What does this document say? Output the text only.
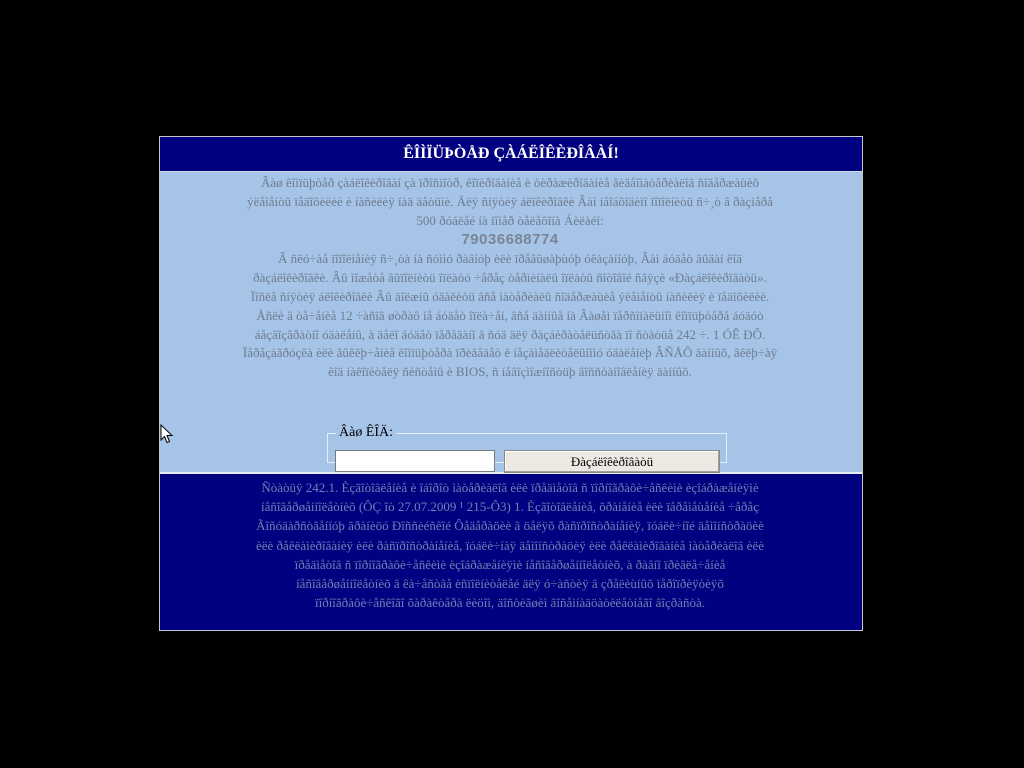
ÊÎÌÏÜÞÒÅÐ ÇÀÁËÎÊÈÐÎÂÀÍ!

Âàø êîìïüþòåð çàáëîêèðîâàí çà ïðîñìîòð, êîïèðîâàíèå è òèðàæèðîâàíèå âèäåîìàòåðèàëîâ ñîäåðæàùèõ ýëåìåíòû ïåäîôèëèè è íàñèëèÿ íàä äåòüìè. Äëÿ ñíÿòèÿ áëîêèðîâêè Âàì íåîáõîäèìî ïîïîëíèòü ñ÷¸ò â ðàçìåðå 500 ðóáëåé íà íîìåð òåëåôîíà Áèëàéí:

79036688774

Â ñëó÷àå ïîïîëíåíèÿ ñ÷¸òà íà ñóììó ðàâíóþ èëè ïðåâûøàþùóþ óêàçàííóþ, Âàì áóäåò âûäàí êîä ðàçáëîêèðîâêè. Âû ìîæåòå âûïîëíèòü îïëàòó ÷åðåç òåðìèíàëû îïëàòû ñîòîâîé ñâÿçè «Ðàçáëîêèðîâàòü». Ïîñëå ñíÿòèÿ áëîêèðîâêè Âû äîëæíû óäàëèòü âñå ìàòåðèàëû ñîäåðæàùèå ýëåìåíòû íàñèëèÿ è ïåäîôèëèè. Åñëè â òå÷åíèå 12 ÷àñîâ øòðàô íå áóäåò îïëà÷åí, âñå äàííûå íà Âàøåì ïåðñîíàëüíîì êîìïüþòåðå áóäóò áåçâîçâðàòíî óäàëåíû, à äåëî áóäåò ïåðåäàíî â ñóä äëÿ ðàçáèðàòåëüñòâà ïî ñòàòüå 242 ÷. 1 ÓÊ ÐÔ. Ïåðåçàãðóçêà èëè âûêëþ÷åíèå êîìïüþòåðà ïðèâåäåò ê íåçàìåäëèòåëüíîìó óäàëåíèþ ÂÑÅÕ äàííûõ, âêëþ÷àÿ êîä íàêîïèòåëÿ ñèñòåìû è BIOS, ñ íåâîçìîæíîñòüþ âîññòàíîâëåíèÿ äàííûõ.

Âàø ÊÎÄ:
Ðàçáëîêèðîâàòü

Ñòàòüÿ 242.1. Èçãîòîâëåíèå è îáîðîò ìàòåðèàëîâ èëè ïðåäìåòîâ ñ ïîðíîãðàôè÷åñêèìè èçîáðàæåíèÿìè íåñîâåðøåííîëåòíèõ (ÔÇ îò 27.07.2009 ¹ 215-Ô3) 1. Èçãîòîâëåíèå, õðàíåíèå èëè ïåðåìåùåíèå ÷åðåç Ãîñóäàðñòâåííóþ ãðàíèöó Ðîññèéñêîé Ôåäåðàöèè â öåëÿõ ðàñïðîñòðàíåíèÿ, ïóáëè÷íîé äåìîíñòðàöèè èëè ðåêëàìèðîâàíèÿ èëè ðàñïðîñòðàíåíèå, ïóáëè÷íàÿ äåìîíñòðàöèÿ èëè ðåêëàìèðîâàíèå ìàòåðèàëîâ èëè ïðåäìåòîâ ñ ïîðíîãðàôè÷åñêèìè èçîáðàæåíèÿìè íåñîâåðøåííîëåòíèõ, à ðàâíî ïðèâëå÷åíèå íåñîâåðøåííîëåòíèõ â êà÷åñòâå èñïîëíèòåëåé äëÿ ó÷àñòèÿ â çðåëèùíûõ ìåðîïðèÿòèÿõ ïîðíîãðàôè÷åñêîãî õàðàêòåðà ëèöîì, äîñòèãøèì âîñåìíàäöàòèëåòíåãî âîçðàñòà.
